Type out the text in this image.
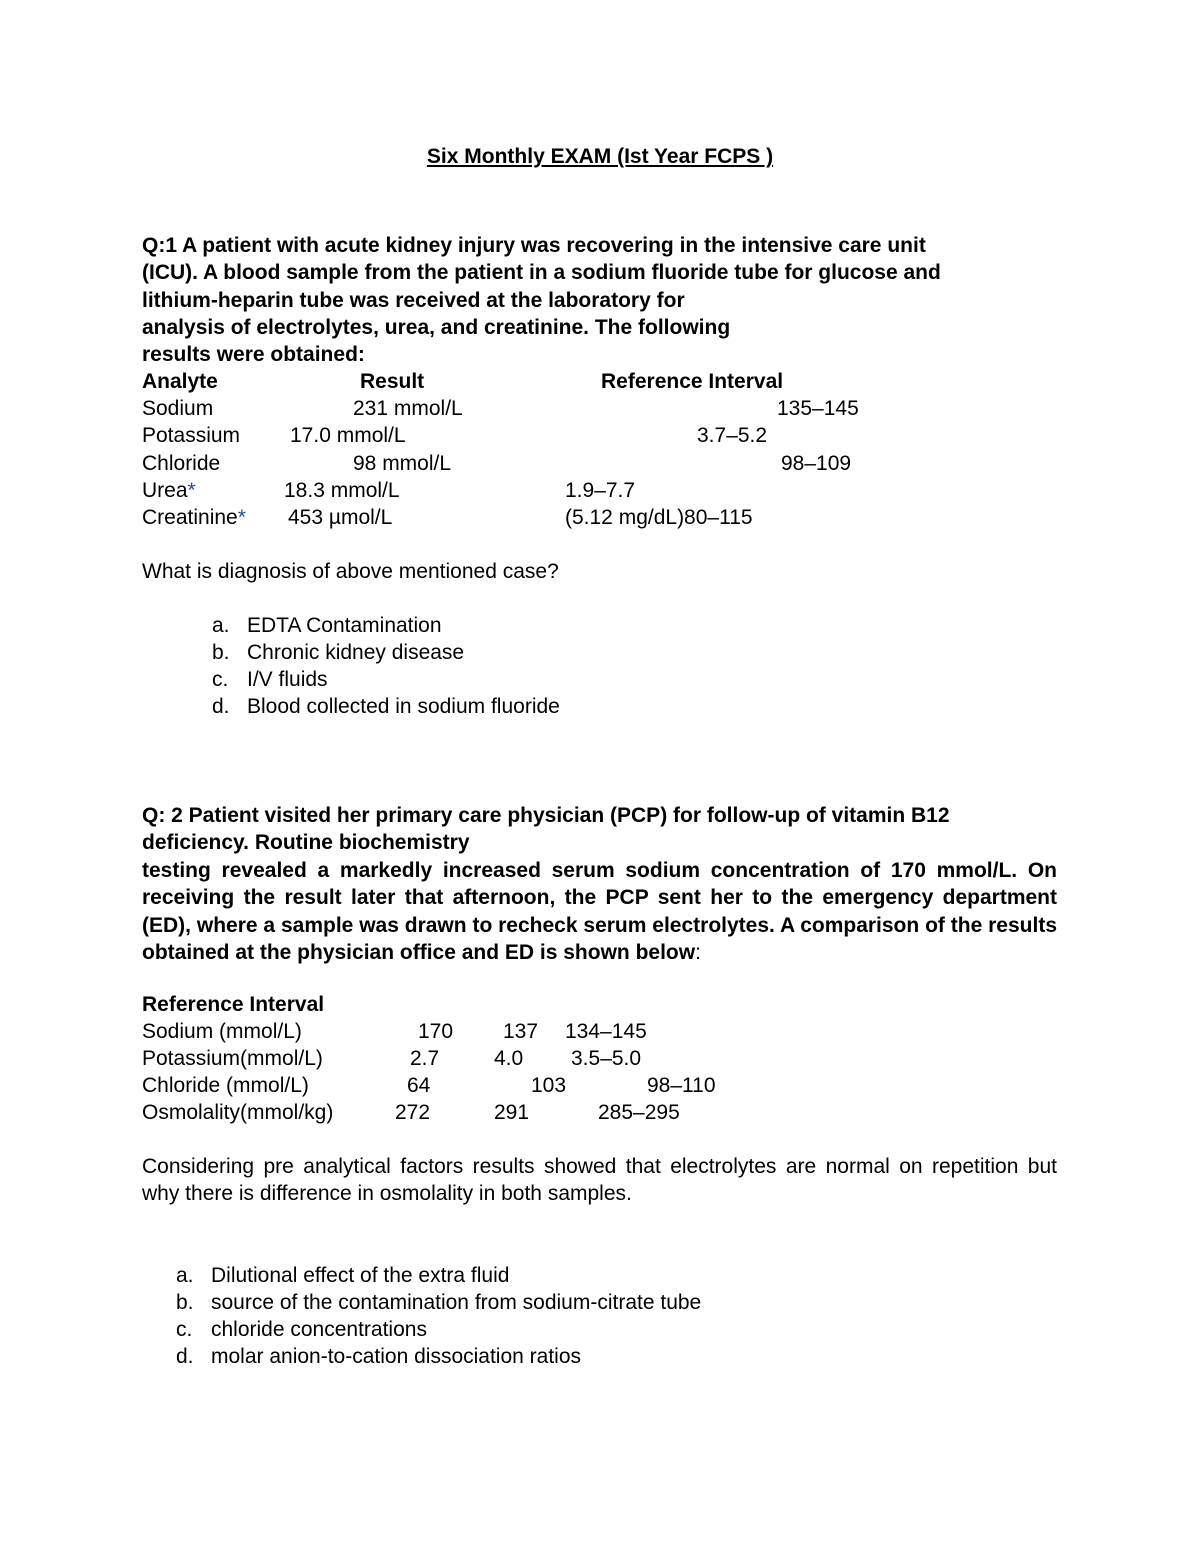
Six Monthly EXAM (Ist Year FCPS )
Q:1 A patient with acute kidney injury was recovering in the intensive care unit
(ICU). A blood sample from the patient in a sodium fluoride tube for glucose and
lithium-heparin tube was received at the laboratory for
analysis of electrolytes, urea, and creatinine. The following
results were obtained:
Analyte	Result	Reference Interval
Sodium	231 mmol/L	135–145
Potassium 17.0 mmol/L	3.7–5.2
Chloride	98 mmol/L	98–109
Urea*	18.3 mmol/L	1.9–7.7
Creatinine* 453 µmol/L	(5.12 mg/dL)80–115
What is diagnosis of above mentioned case?
a. EDTA Contamination
b. Chronic kidney disease
c. I/V fluids
d. Blood collected in sodium fluoride

Q: 2 Patient visited her primary care physician (PCP) for follow-up of vitamin B12 deficiency. Routine biochemistry

testing revealed a markedly increased serum sodium concentration of 170 mmol/L. On receiving the result later that afternoon, the PCP sent her to the emergency department (ED), where a sample was drawn to recheck serum electrolytes. A comparison of the results obtained at the physician office and ED is shown below:

Reference Interval
Sodium (mmol/L)	170 137 134–145
Potassium(mmol/L)	2.7	4.0 3.5–5.0
Chloride (mmol/L)	64	103	98–110
Osmolality(mmol/kg)	272	291	285–295

Considering pre analytical factors results showed that electrolytes are normal on repetition but why there is difference in osmolality in both samples.

a. Dilutional effect of the extra fluid
b. source of the contamination from sodium-citrate tube
c. chloride concentrations
d. molar anion-to-cation dissociation ratios
